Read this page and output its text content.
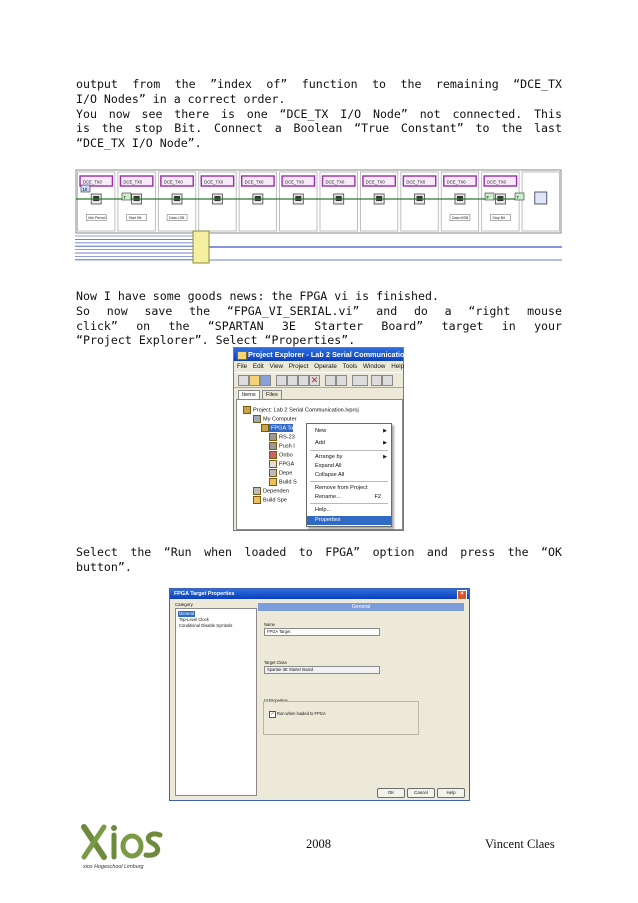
output from the ”index of” function to the remaining “DCE_TX
I/O Nodes” in a correct order.
You now see there is one “DCE_TX I/O Node” not connected. This
is the stop Bit. Connect a Boolean “True Constant” to the last
“DCE_TX I/O Node”.
DCE_TX0
Idle Period
DCE_TX0
Start Bit
DCE_TX0
Data LSB
DCE_TX0	DCE_TX0	DCE_TX0	DCE_TX0	DCE_TX0	DCE_TX0	DCE_TX0
Data MSB
DCE_TX0
Stop Bit
10
T	F	T
Now I have some goods news: the FPGA vi is finished.
So now save the “FPGA_VI_SERIAL.vi” and do a “right mouse
click” on the “SPARTAN 3E Starter Board” target in your
“Project Explorer”. Select “Properties”.
Project Explorer - Lab 2 Serial Communication.lv...
File Edit View Project Operate Tools Window Help
✕
Items	Files
Project: Lab 2 Serial Communication.lvproj
My Computer
FPGA Ta
RS-23
Push I
Onbo
FPGA
Depe
Build S
Dependen
Build Spe
New	▶
Add	▶
Arrange by	▶
Expand All
Collapse All
Remove from Project
Rename...	F2
Help...
Properties
Select the “Run when loaded to FPGA” option and press the “OK
button”.
FPGA Target Properties	×
Category
General
Top-Level Clock
Conditional Disable Symbols
General
Name
FPGA Target
Target Class
Spartan-3E Starter Board
VI Properties
✓ Run when loaded to FPGA
OK	Cancel	Help
xios Hogeschool Limburg
2008	Vincent Claes
